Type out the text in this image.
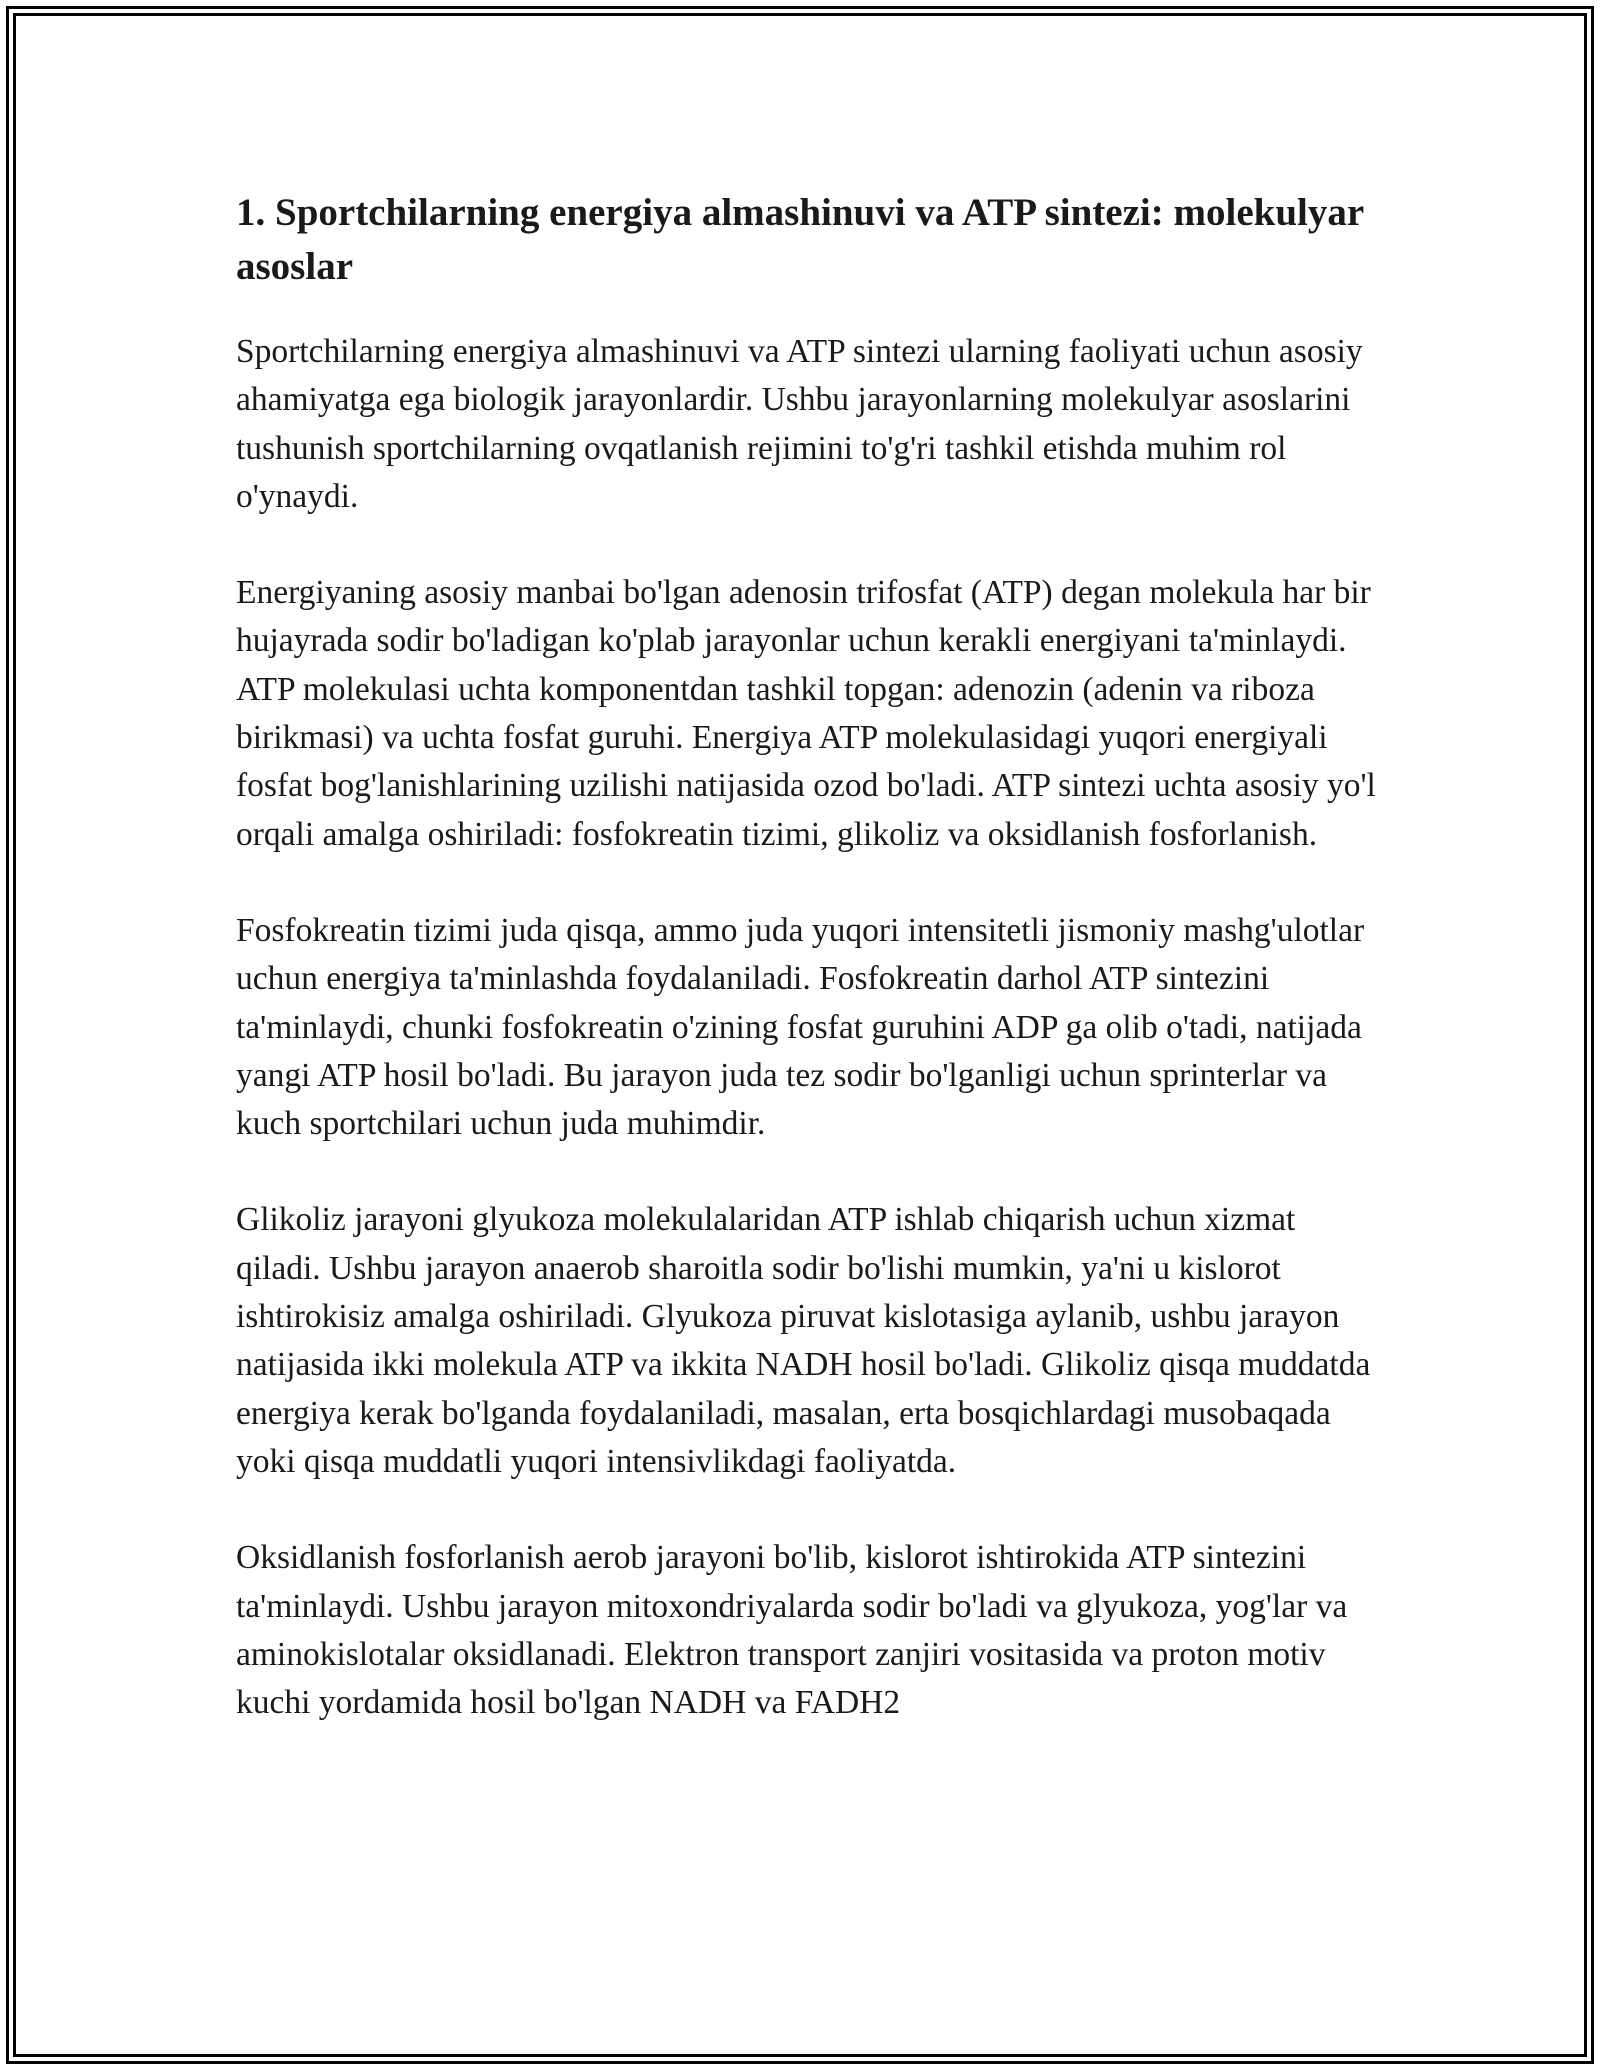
1. Sportchilarning energiya almashinuvi va ATP sintezi: molekulyar asoslar

Sportchilarning energiya almashinuvi va ATP sintezi ularning faoliyati uchun asosiy ahamiyatga ega biologik jarayonlardir. Ushbu jarayonlarning molekulyar asoslarini tushunish sportchilarning ovqatlanish rejimini to'g'ri tashkil etishda muhim rol o'ynaydi.

Energiyaning asosiy manbai bo'lgan adenosin trifosfat (ATP) degan molekula har bir hujayrada sodir bo'ladigan ko'plab jarayonlar uchun kerakli energiyani ta'minlaydi. ATP molekulasi uchta komponentdan tashkil topgan: adenozin (adenin va riboza birikmasi) va uchta fosfat guruhi. Energiya ATP molekulasidagi yuqori energiyali fosfat bog'lanishlarining uzilishi natijasida ozod bo'ladi. ATP sintezi uchta asosiy yo'l orqali amalga oshiriladi: fosfokreatin tizimi, glikoliz va oksidlanish fosforlanish.

Fosfokreatin tizimi juda qisqa, ammo juda yuqori intensitetli jismoniy mashg'ulotlar uchun energiya ta'minlashda foydalaniladi. Fosfokreatin darhol ATP sintezini ta'minlaydi, chunki fosfokreatin o'zining fosfat guruhini ADP ga olib o'tadi, natijada yangi ATP hosil bo'ladi. Bu jarayon juda tez sodir bo'lganligi uchun sprinterlar va kuch sportchilari uchun juda muhimdir.

Glikoliz jarayoni glyukoza molekulalaridan ATP ishlab chiqarish uchun xizmat qiladi. Ushbu jarayon anaerob sharoitla sodir bo'lishi mumkin, ya'ni u kislorot ishtirokisiz amalga oshiriladi. Glyukoza piruvat kislotasiga aylanib, ushbu jarayon natijasida ikki molekula ATP va ikkita NADH hosil bo'ladi. Glikoliz qisqa muddatda energiya kerak bo'lganda foydalaniladi, masalan, erta bosqichlardagi musobaqada yoki qisqa muddatli yuqori intensivlikdagi faoliyatda.

Oksidlanish fosforlanish aerob jarayoni bo'lib, kislorot ishtirokida ATP sintezini ta'minlaydi. Ushbu jarayon mitoxondriyalarda sodir bo'ladi va glyukoza, yog'lar va aminokislotalar oksidlanadi. Elektron transport zanjiri vositasida va proton motiv kuchi yordamida hosil bo'lgan NADH va FADH2
